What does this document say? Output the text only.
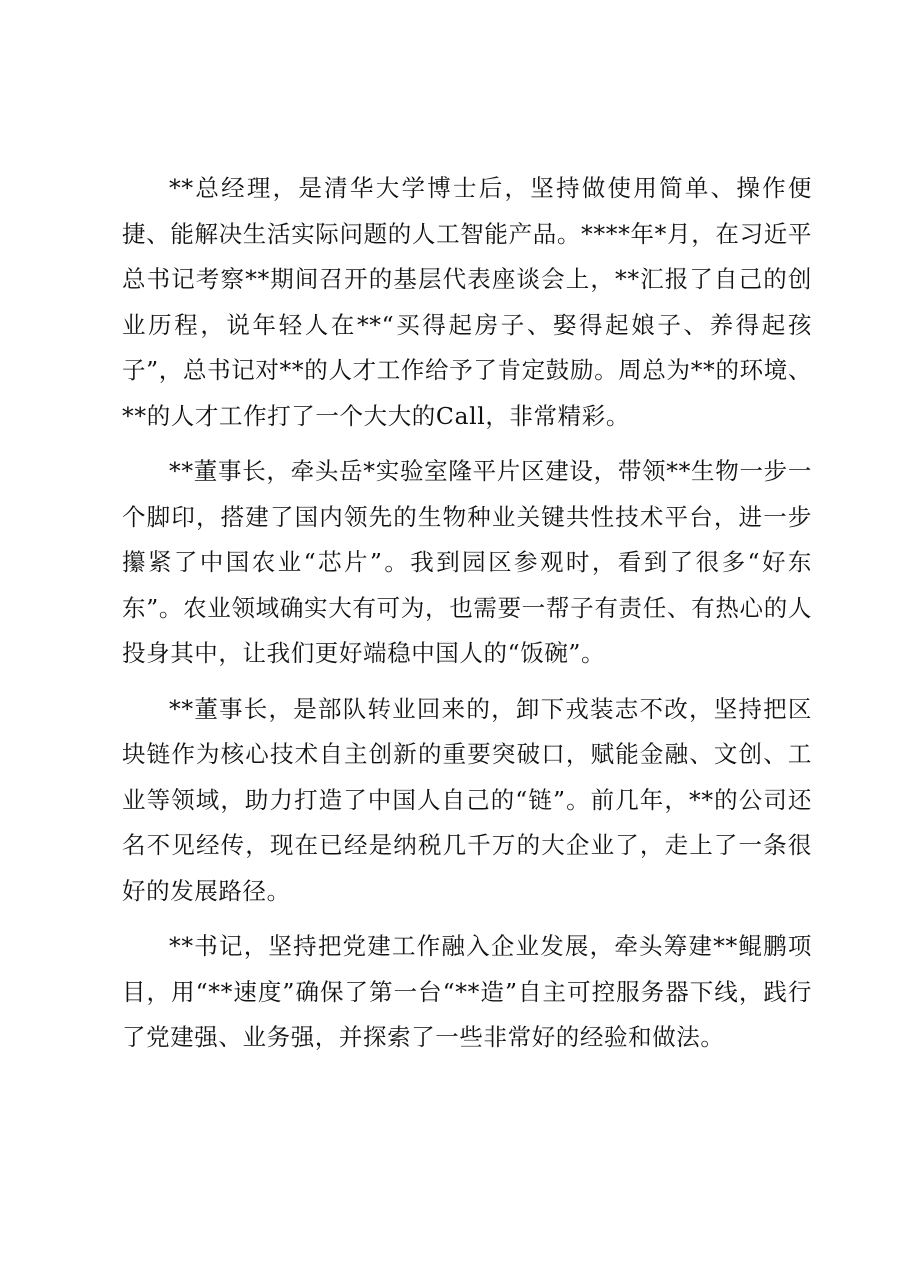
**总经理，是清华大学博士后，坚持做使用简单、操作便捷、能解决生活实际问题的人工智能产品。****年*月，在习近平总书记考察**期间召开的基层代表座谈会上，**汇报了自己的创业历程，说年轻人在**“买得起房子、娶得起娘子、养得起孩子”，总书记对**的人才工作给予了肯定鼓励。周总为**的环境、**的人才工作打了一个大大的Call，非常精彩。

**董事长，牵头岳*实验室隆平片区建设，带领**生物一步一个脚印，搭建了国内领先的生物种业关键共性技术平台，进一步攥紧了中国农业“芯片”。我到园区参观时，看到了很多“好东东”。农业领域确实大有可为，也需要一帮子有责任、有热心的人投身其中，让我们更好端稳中国人的“饭碗”。

**董事长，是部队转业回来的，卸下戎装志不改，坚持把区块链作为核心技术自主创新的重要突破口，赋能金融、文创、工业等领域，助力打造了中国人自己的“链”。前几年，**的公司还名不见经传，现在已经是纳税几千万的大企业了，走上了一条很好的发展路径。

**书记，坚持把党建工作融入企业发展，牵头筹建**鲲鹏项目，用“**速度”确保了第一台“**造”自主可控服务器下线，践行了党建强、业务强，并探索了一些非常好的经验和做法。
